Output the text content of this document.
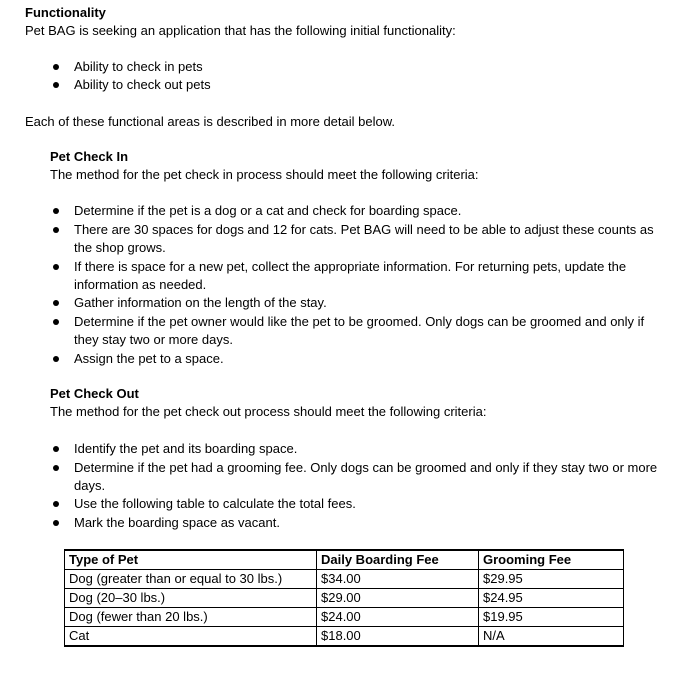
Functionality
Pet BAG is seeking an application that has the following initial functionality:
Ability to check in pets
Ability to check out pets
Each of these functional areas is described in more detail below.
Pet Check In
The method for the pet check in process should meet the following criteria:
Determine if the pet is a dog or a cat and check for boarding space.
There are 30 spaces for dogs and 12 for cats. Pet BAG will need to be able to adjust these counts as the shop grows.
If there is space for a new pet, collect the appropriate information. For returning pets, update the information as needed.
Gather information on the length of the stay.
Determine if the pet owner would like the pet to be groomed. Only dogs can be groomed and only if they stay two or more days.
Assign the pet to a space.
Pet Check Out
The method for the pet check out process should meet the following criteria:
Identify the pet and its boarding space.
Determine if the pet had a grooming fee. Only dogs can be groomed and only if they stay two or more days.
Use the following table to calculate the total fees.
Mark the boarding space as vacant.
Type of Pet	Daily Boarding Fee	Grooming Fee
Dog (greater than or equal to 30 lbs.)	$34.00	$29.95
Dog (20–30 lbs.)	$29.00	$24.95
Dog (fewer than 20 lbs.)	$24.00	$19.95
Cat	$18.00	N/A
